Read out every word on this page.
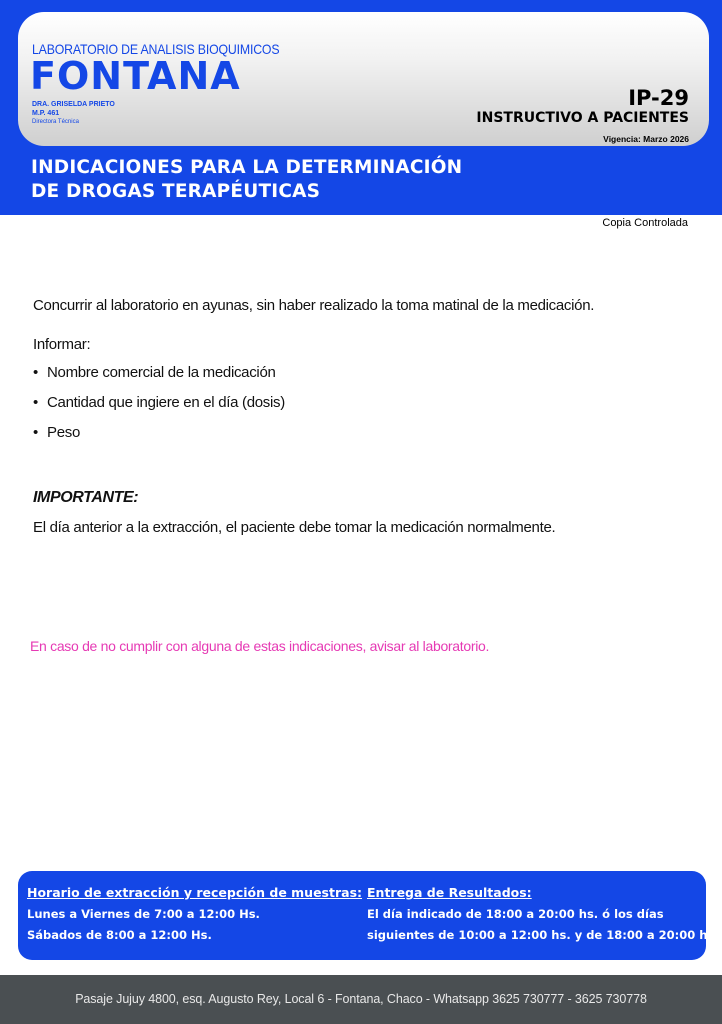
LABORATORIO DE ANALISIS BIOQUIMICOS
FONTANA
DRA. GRISELDA PRIETO
M.P. 461
Directora Técnica
IP-29
INSTRUCTIVO A PACIENTES
Vigencia: Marzo 2026
INDICACIONES PARA LA DETERMINACIÓN
DE DROGAS TERAPÉUTICAS
Copia Controlada
Concurrir al laboratorio en ayunas, sin haber realizado la toma matinal de la medicación.
Informar:
• Nombre comercial de la medicación
• Cantidad que ingiere en el día (dosis)
• Peso
IMPORTANTE:
El día anterior a la extracción, el paciente debe tomar la medicación normalmente.
En caso de no cumplir con alguna de estas indicaciones, avisar al laboratorio.
Horario de extracción y recepción de muestras:
Lunes a Viernes de 7:00 a 12:00 Hs.
Sábados de 8:00 a 12:00 Hs.
Entrega de Resultados:
El día indicado de 18:00 a 20:00 hs. ó los días
siguientes de 10:00 a 12:00 hs. y de 18:00 a 20:00 hs.
Pasaje Jujuy 4800, esq. Augusto Rey, Local 6 - Fontana, Chaco - Whatsapp 3625 730777 - 3625 730778
